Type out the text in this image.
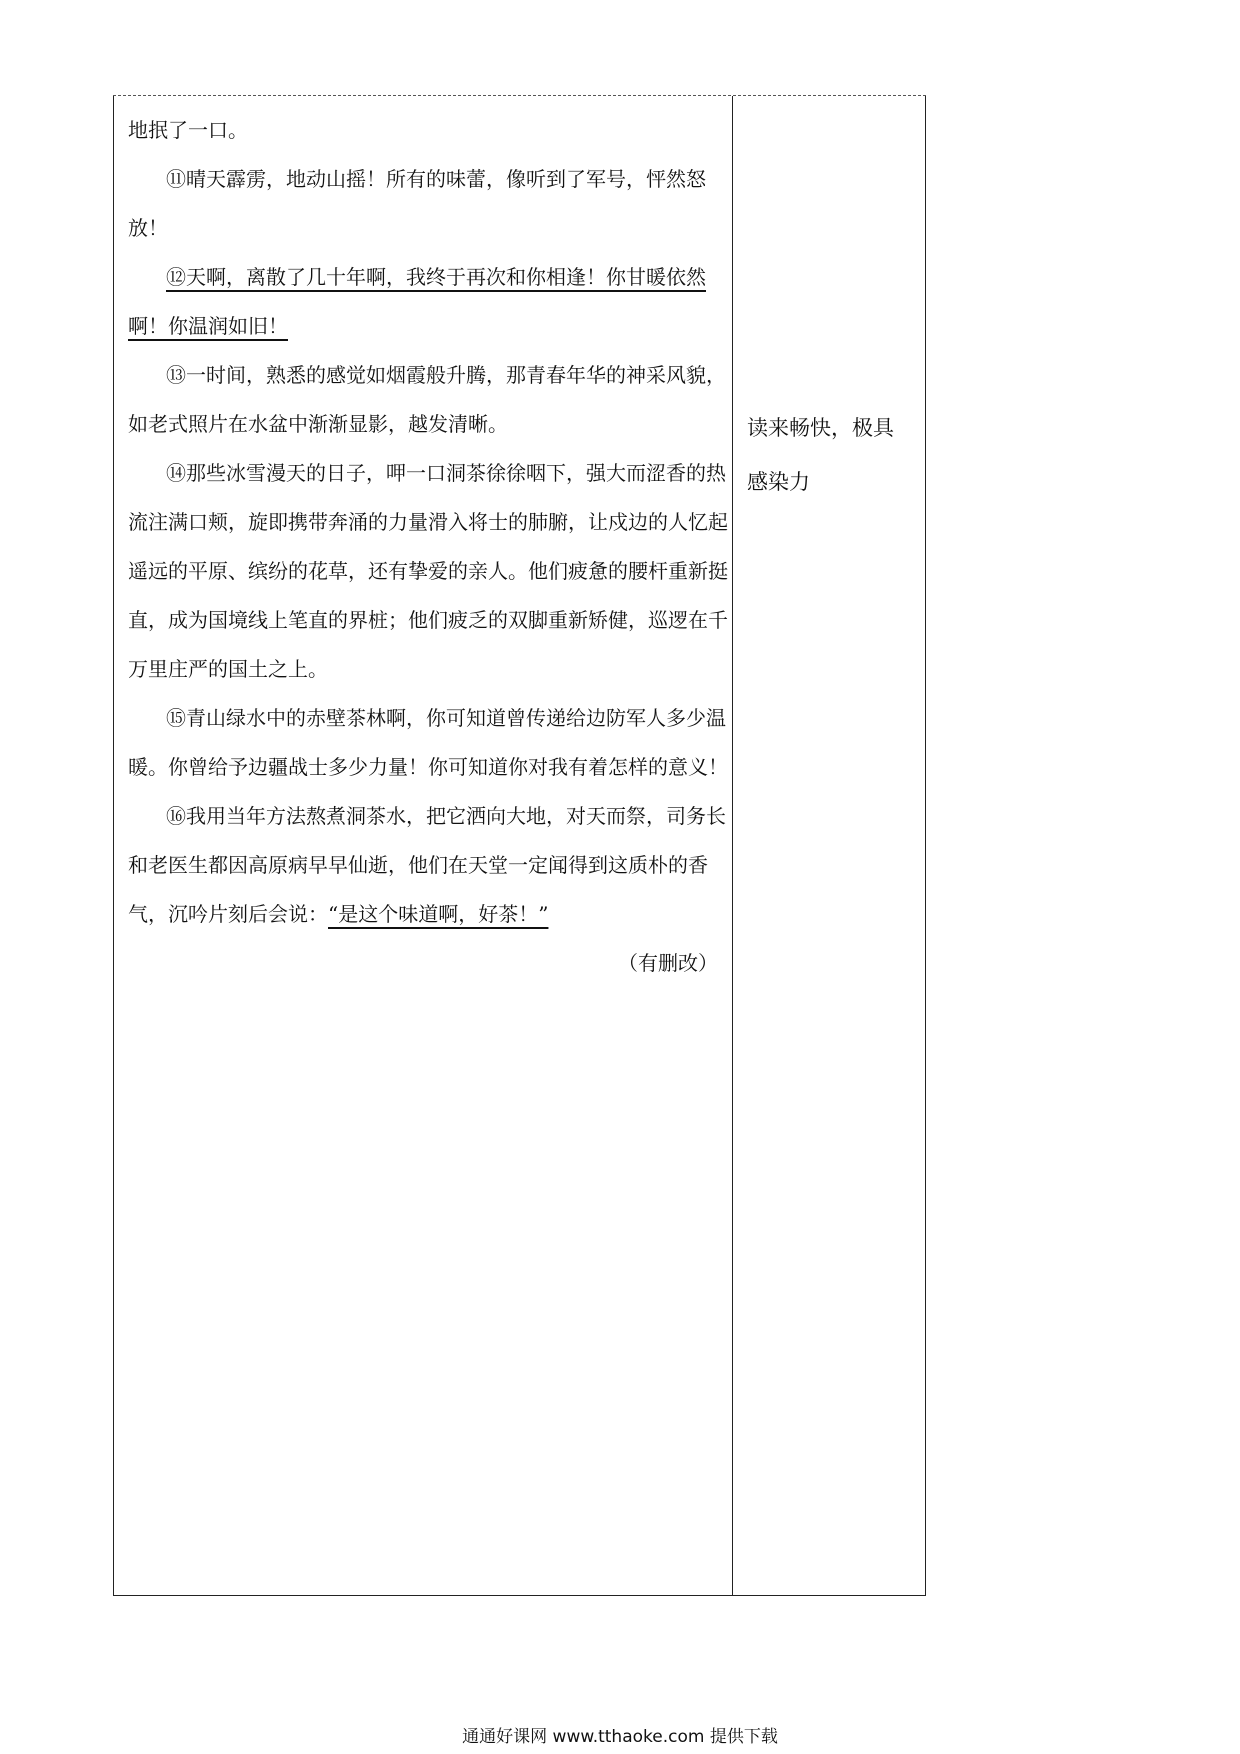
地抿了一口。

⑪晴天霹雳，地动山摇！所有的味蕾，像听到了军号，怦然怒放！

⑫天啊，离散了几十年啊，我终于再次和你相逢！你甘暖依然啊！你温润如旧！

⑬一时间，熟悉的感觉如烟霞般升腾，那青春年华的神采风貌，如老式照片在水盆中渐渐显影，越发清晰。

⑭那些冰雪漫天的日子，呷一口洞茶徐徐咽下，强大而涩香的热流注满口颊，旋即携带奔涌的力量滑入将士的肺腑，让戍边的人忆起遥远的平原、缤纷的花草，还有挚爱的亲人。他们疲惫的腰杆重新挺直，成为国境线上笔直的界桩；他们疲乏的双脚重新矫健，巡逻在千万里庄严的国土之上。

⑮青山绿水中的赤壁茶林啊，你可知道曾传递给边防军人多少温暖。你曾给予边疆战士多少力量！你可知道你对我有着怎样的意义！

⑯我用当年方法熬煮洞茶水，把它洒向大地，对天而祭，司务长和老医生都因高原病早早仙逝，他们在天堂一定闻得到这质朴的香气，沉吟片刻后会说：“是这个味道啊，好茶！”

（有删改）

读来畅快，极具
感染力
通通好课网 www.tthaoke.com 提供下载
